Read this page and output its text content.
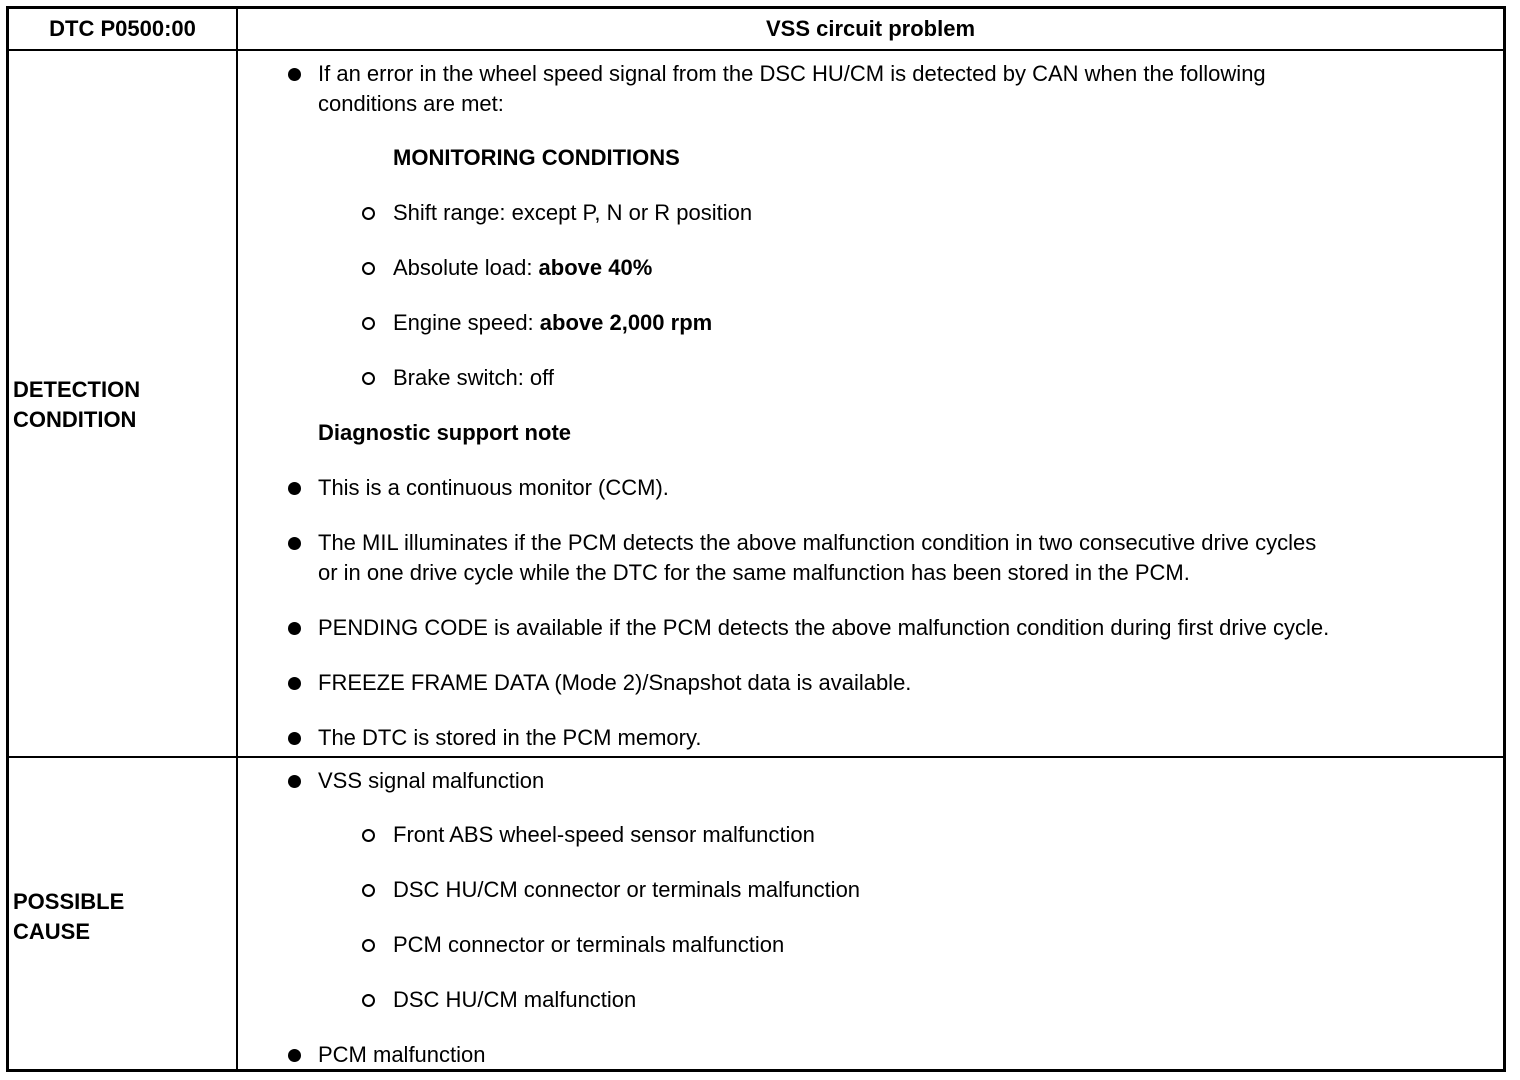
DTC P0500:00	VSS circuit problem
DETECTION
CONDITION
If an error in the wheel speed signal from the DSC HU/CM is detected by CAN when the following
conditions are met:
MONITORING CONDITIONS
Shift range: except P, N or R position
Absolute load: above 40%
Engine speed: above 2,000 rpm
Brake switch: off
Diagnostic support note
This is a continuous monitor (CCM).
The MIL illuminates if the PCM detects the above malfunction condition in two consecutive drive cycles
or in one drive cycle while the DTC for the same malfunction has been stored in the PCM.
PENDING CODE is available if the PCM detects the above malfunction condition during first drive cycle.
FREEZE FRAME DATA (Mode 2)/Snapshot data is available.
The DTC is stored in the PCM memory.
POSSIBLE
CAUSE
VSS signal malfunction
Front ABS wheel-speed sensor malfunction
DSC HU/CM connector or terminals malfunction
PCM connector or terminals malfunction
DSC HU/CM malfunction
PCM malfunction
